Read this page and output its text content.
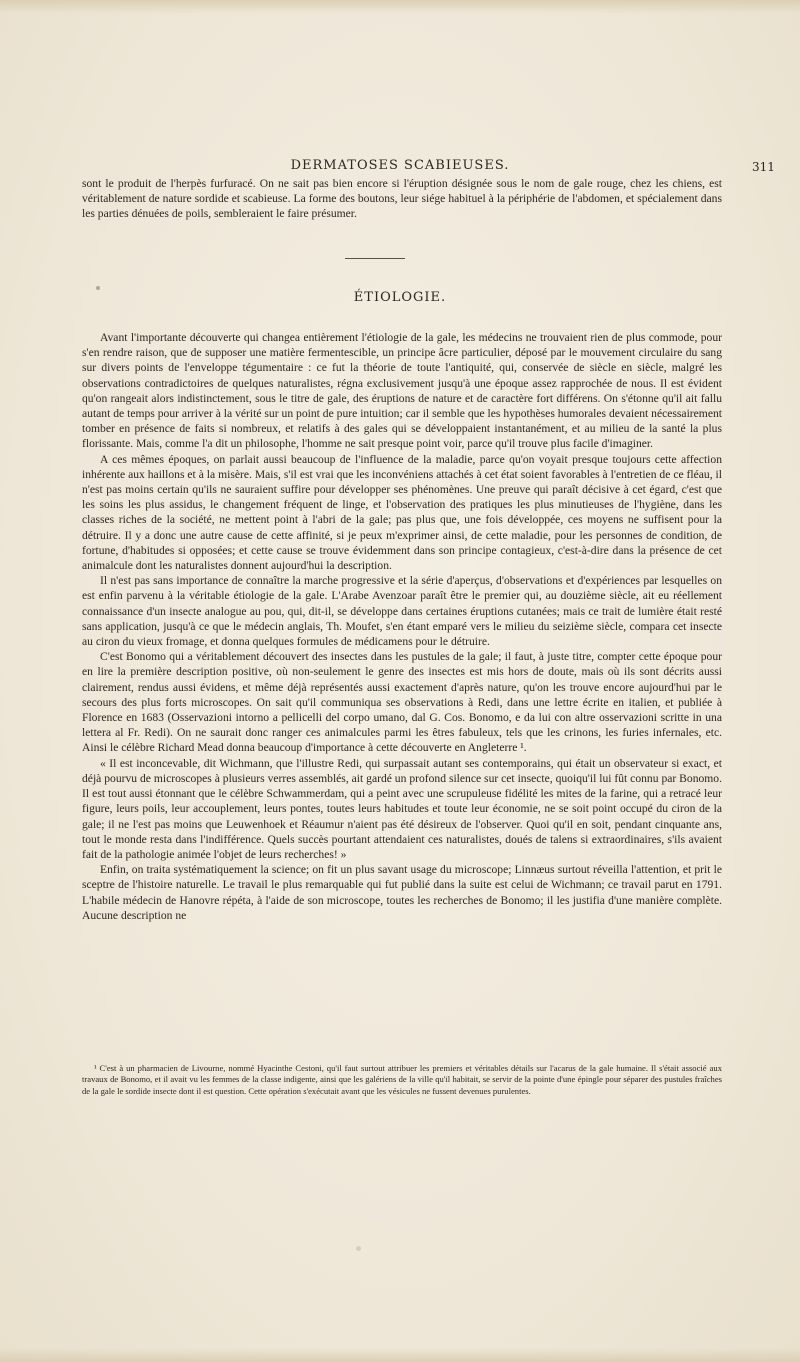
DERMATOSES SCABIEUSES.	311

sont le produit de l'herpès furfuracé. On ne sait pas bien encore si l'éruption désignée sous le nom de gale rouge, chez les chiens, est véritablement de nature sordide et scabieuse. La forme des boutons, leur siége habituel à la périphérie de l'abdomen, et spécialement dans les parties dénuées de poils, sembleraient le faire présumer.

ÉTIOLOGIE.

Avant l'importante découverte qui changea entièrement l'étiologie de la gale, les médecins ne trouvaient rien de plus commode, pour s'en rendre raison, que de supposer une matière fermentescible, un principe âcre particulier, déposé par le mouvement circulaire du sang sur divers points de l'enveloppe tégumentaire : ce fut la théorie de toute l'antiquité, qui, conservée de siècle en siècle, malgré les observations contradictoires de quelques naturalistes, régna exclusivement jusqu'à une époque assez rapprochée de nous. Il est évident qu'on rangeait alors indistinctement, sous le titre de gale, des éruptions de nature et de caractère fort différens. On s'étonne qu'il ait fallu autant de temps pour arriver à la vérité sur un point de pure intuition; car il semble que les hypothèses humorales devaient nécessairement tomber en présence de faits si nombreux, et relatifs à des gales qui se développaient instantanément, et au milieu de la santé la plus florissante. Mais, comme l'a dit un philosophe, l'homme ne sait presque point voir, parce qu'il trouve plus facile d'imaginer.

A ces mêmes époques, on parlait aussi beaucoup de l'influence de la maladie, parce qu'on voyait presque toujours cette affection inhérente aux haillons et à la misère. Mais, s'il est vrai que les inconvéniens attachés à cet état soient favorables à l'entretien de ce fléau, il n'est pas moins certain qu'ils ne sauraient suffire pour développer ses phénomènes. Une preuve qui paraît décisive à cet égard, c'est que les soins les plus assidus, le changement fréquent de linge, et l'observation des pratiques les plus minutieuses de l'hygiène, dans les classes riches de la société, ne mettent point à l'abri de la gale; pas plus que, une fois développée, ces moyens ne suffisent pour la détruire. Il y a donc une autre cause de cette affinité, si je peux m'exprimer ainsi, de cette maladie, pour les personnes de condition, de fortune, d'habitudes si opposées; et cette cause se trouve évidemment dans son principe contagieux, c'est-à-dire dans la présence de cet animalcule dont les naturalistes donnent aujourd'hui la description.

Il n'est pas sans importance de connaître la marche progressive et la série d'aperçus, d'observations et d'expériences par lesquelles on est enfin parvenu à la véritable étiologie de la gale. L'Arabe Avenzoar paraît être le premier qui, au douzième siècle, ait eu réellement connaissance d'un insecte analogue au pou, qui, dit-il, se développe dans certaines éruptions cutanées; mais ce trait de lumière était resté sans application, jusqu'à ce que le médecin anglais, Th. Moufet, s'en étant emparé vers le milieu du seizième siècle, compara cet insecte au ciron du vieux fromage, et donna quelques formules de médicamens pour le détruire.

C'est Bonomo qui a véritablement découvert des insectes dans les pustules de la gale; il faut, à juste titre, compter cette époque pour en lire la première description positive, où non-seulement le genre des insectes est mis hors de doute, mais où ils sont décrits aussi clairement, rendus aussi évidens, et même déjà représentés aussi exactement d'après nature, qu'on les trouve encore aujourd'hui par le secours des plus forts microscopes. On sait qu'il communiqua ses observations à Redi, dans une lettre écrite en italien, et publiée à Florence en 1683 (Osservazioni intorno a pellicelli del corpo umano, dal G. Cos. Bonomo, e da lui con altre osservazioni scritte in una lettera al Fr. Redi). On ne saurait donc ranger ces animalcules parmi les êtres fabuleux, tels que les crinons, les furies infernales, etc. Ainsi le célèbre Richard Mead donna beaucoup d'importance à cette découverte en Angleterre ¹.

« Il est inconcevable, dit Wichmann, que l'illustre Redi, qui surpassait autant ses contemporains, qui était un observateur si exact, et déjà pourvu de microscopes à plusieurs verres assemblés, ait gardé un profond silence sur cet insecte, quoiqu'il lui fût connu par Bonomo. Il est tout aussi étonnant que le célèbre Schwammerdam, qui a peint avec une scrupuleuse fidélité les mites de la farine, qui a retracé leur figure, leurs poils, leur accouplement, leurs pontes, toutes leurs habitudes et toute leur économie, ne se soit point occupé du ciron de la gale; il ne l'est pas moins que Leuwenhoek et Réaumur n'aient pas été désireux de l'observer. Quoi qu'il en soit, pendant cinquante ans, tout le monde resta dans l'indifférence. Quels succès pourtant attendaient ces naturalistes, doués de talens si extraordinaires, s'ils avaient fait de la pathologie animée l'objet de leurs recherches! »

Enfin, on traita systématiquement la science; on fit un plus savant usage du microscope; Linnæus surtout réveilla l'attention, et prit le sceptre de l'histoire naturelle. Le travail le plus remarquable qui fut publié dans la suite est celui de Wichmann; ce travail parut en 1791. L'habile médecin de Hanovre répéta, à l'aide de son microscope, toutes les recherches de Bonomo; il les justifia d'une manière complète. Aucune description ne

¹ C'est à un pharmacien de Livourne, nommé Hyacinthe Cestoni, qu'il faut surtout attribuer les premiers et véritables détails sur l'acarus de la gale humaine. Il s'était associé aux travaux de Bonomo, et il avait vu les femmes de la classe indigente, ainsi que les galériens de la ville qu'il habitait, se servir de la pointe d'une épingle pour séparer des pustules fraîches de la gale le sordide insecte dont il est question. Cette opération s'exécutait avant que les vésicules ne fussent devenues purulentes.
